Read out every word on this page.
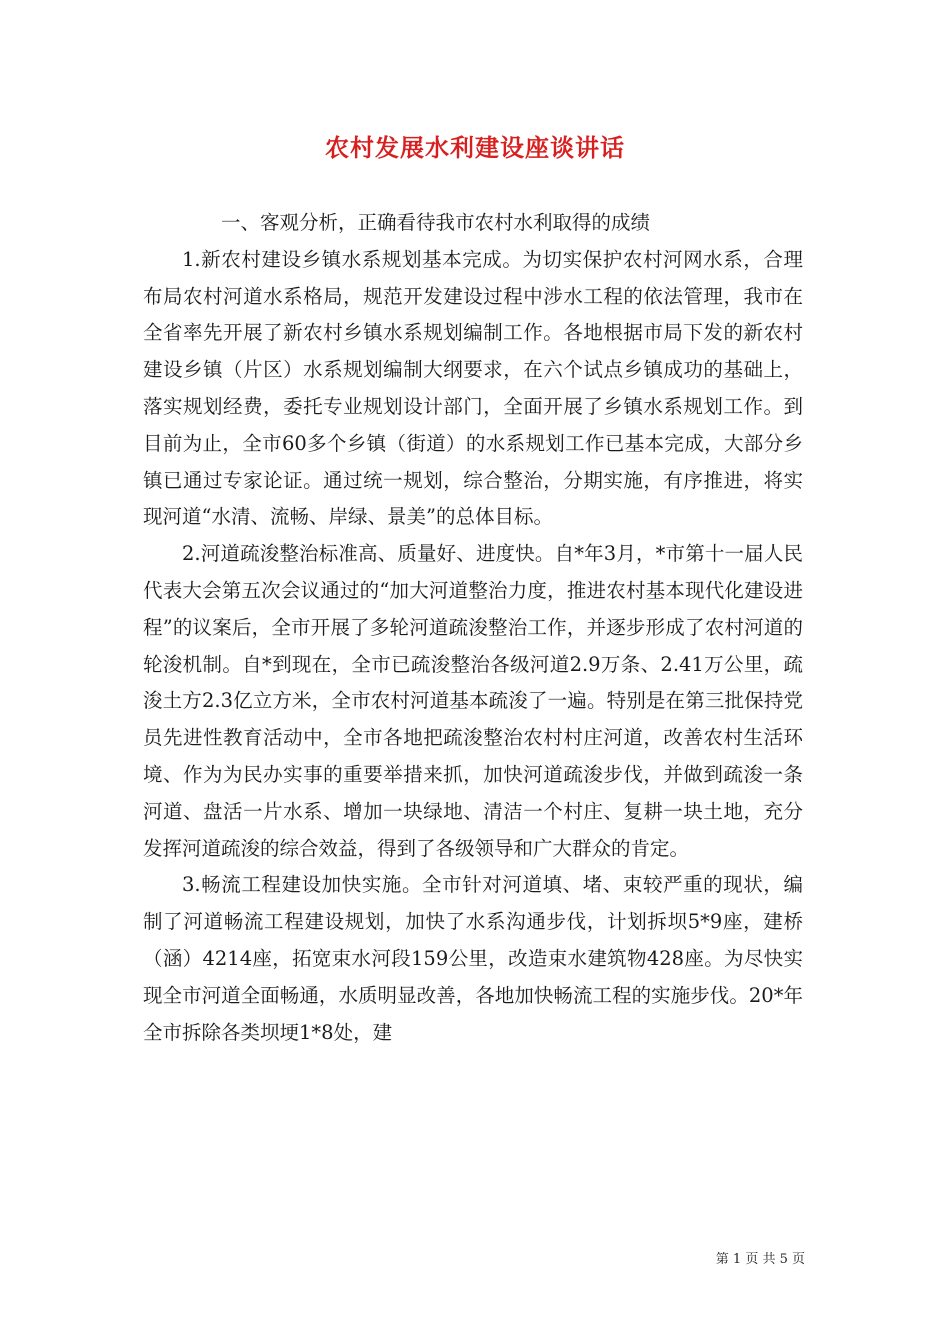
农村发展水利建设座谈讲话

一、客观分析，正确看待我市农村水利取得的成绩

1.新农村建设乡镇水系规划基本完成。为切实保护农村河网水系，合理布局农村河道水系格局，规范开发建设过程中涉水工程的依法管理，我市在全省率先开展了新农村乡镇水系规划编制工作。各地根据市局下发的新农村建设乡镇（片区）水系规划编制大纲要求，在六个试点乡镇成功的基础上，落实规划经费，委托专业规划设计部门，全面开展了乡镇水系规划工作。到目前为止，全市60多个乡镇（街道）的水系规划工作已基本完成，大部分乡镇已通过专家论证。通过统一规划，综合整治，分期实施，有序推进，将实现河道“水清、流畅、岸绿、景美”的总体目标。

2.河道疏浚整治标准高、质量好、进度快。自*年3月，*市第十一届人民代表大会第五次会议通过的“加大河道整治力度，推进农村基本现代化建设进程”的议案后，全市开展了多轮河道疏浚整治工作，并逐步形成了农村河道的轮浚机制。自*到现在，全市已疏浚整治各级河道2.9万条、2.41万公里，疏浚土方2.3亿立方米，全市农村河道基本疏浚了一遍。特别是在第三批保持党员先进性教育活动中，全市各地把疏浚整治农村村庄河道，改善农村生活环境、作为为民办实事的重要举措来抓，加快河道疏浚步伐，并做到疏浚一条河道、盘活一片水系、增加一块绿地、清洁一个村庄、复耕一块土地，充分发挥河道疏浚的综合效益，得到了各级领导和广大群众的肯定。

3.畅流工程建设加快实施。全市针对河道填、堵、束较严重的现状，编制了河道畅流工程建设规划，加快了水系沟通步伐，计划拆坝5*9座，建桥（涵）4214座，拓宽束水河段159公里，改造束水建筑物428座。为尽快实现全市河道全面畅通，水质明显改善，各地加快畅流工程的实施步伐。20*年全市拆除各类坝埂1*8处，建

第 1 页 共 5 页
